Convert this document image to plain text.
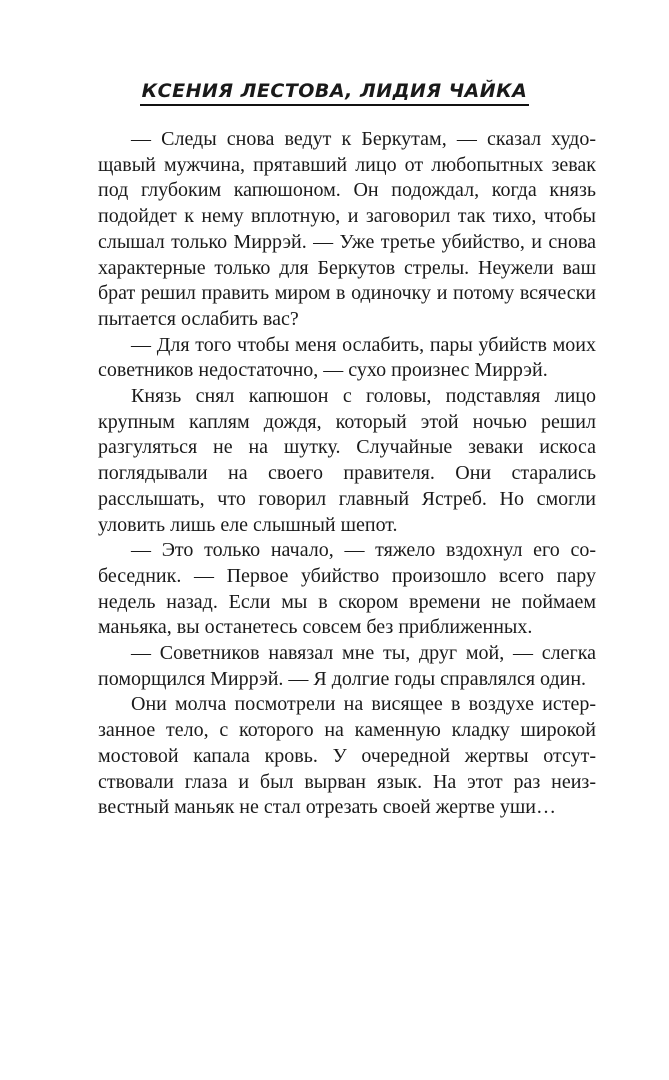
КСЕНИЯ ЛЕСТОВА, ЛИДИЯ ЧАЙКА

— Следы снова ведут к Беркутам, — сказал худощавый мужчина, прятавший лицо от любопытных зевак под глубоким капюшоном. Он подождал, когда князь подойдет к нему вплотную, и заговорил так тихо, чтобы слышал только Миррэй. — Уже третье убийство, и снова характерные только для Беркутов стрелы. Неужели ваш брат решил править миром в одиночку и потому всячески пытается ослабить вас?

— Для того чтобы меня ослабить, пары убийств моих советников недостаточно, — сухо произнес Миррэй.

Князь снял капюшон с головы, подставляя лицо крупным каплям дождя, который этой ночью решил разгуляться не на шутку. Случайные зеваки искоса поглядывали на своего правителя. Они старались расслышать, что говорил главный Ястреб. Но смогли уловить лишь еле слышный шепот.

— Это только начало, — тяжело вздохнул его собеседник. — Первое убийство произошло всего пару недель назад. Если мы в скором времени не поймаем маньяка, вы останетесь совсем без приближенных.

— Советников навязал мне ты, друг мой, — слегка поморщился Миррэй. — Я долгие годы справлялся один.

Они молча посмотрели на висящее в воздухе истерзанное тело, с которого на каменную кладку широкой мостовой капала кровь. У очередной жертвы отсутствовали глаза и был вырван язык. На этот раз неизвестный маньяк не стал отрезать своей жертве уши…
